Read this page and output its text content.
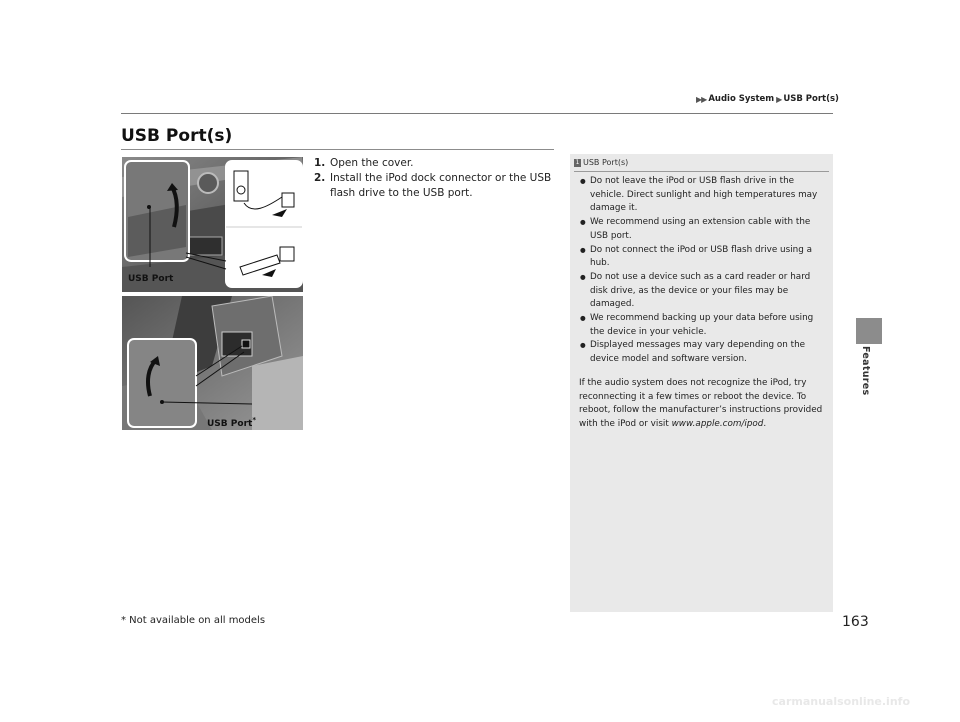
▶▶ Audio System ▶ USB Port(s)
Features
USB Port(s)
1. Open the cover.
2. Install the iPod dock connector or the USB flash drive to the USB port.
USB Port
USB Port*
1 USB Port(s)
● Do not leave the iPod or USB flash drive in the vehicle. Direct sunlight and high temperatures may damage it.
● We recommend using an extension cable with the USB port.
● Do not connect the iPod or USB flash drive using a hub.
● Do not use a device such as a card reader or hard disk drive, as the device or your files may be damaged.
● We recommend backing up your data before using the device in your vehicle.
● Displayed messages may vary depending on the device model and software version.
If the audio system does not recognize the iPod, try reconnecting it a few times or reboot the device. To reboot, follow the manufacturer’s instructions provided with the iPod or visit www.apple.com/ipod.
* Not available on all models	163
carmanualsonline.info
